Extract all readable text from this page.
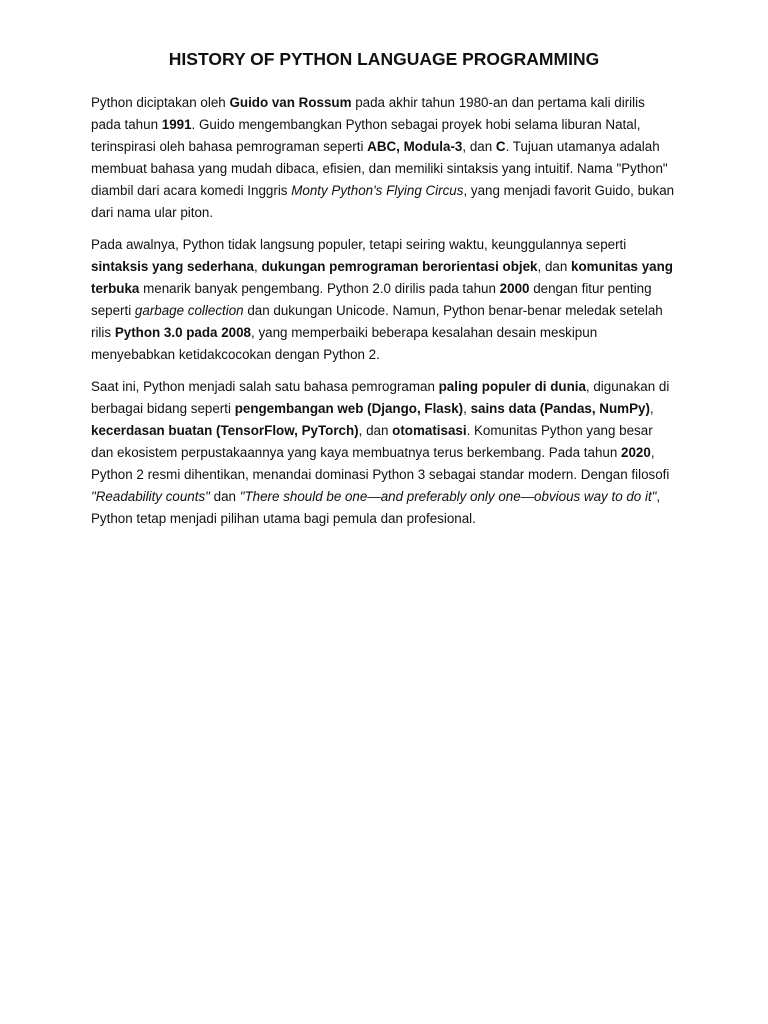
HISTORY OF PYTHON LANGUAGE PROGRAMMING

Python diciptakan oleh Guido van Rossum pada akhir tahun 1980-an dan pertama kali dirilis pada tahun 1991. Guido mengembangkan Python sebagai proyek hobi selama liburan Natal, terinspirasi oleh bahasa pemrograman seperti ABC, Modula-3, dan C. Tujuan utamanya adalah membuat bahasa yang mudah dibaca, efisien, dan memiliki sintaksis yang intuitif. Nama "Python" diambil dari acara komedi Inggris Monty Python's Flying Circus, yang menjadi favorit Guido, bukan dari nama ular piton.

Pada awalnya, Python tidak langsung populer, tetapi seiring waktu, keunggulannya seperti sintaksis yang sederhana, dukungan pemrograman berorientasi objek, dan komunitas yang terbuka menarik banyak pengembang. Python 2.0 dirilis pada tahun 2000 dengan fitur penting seperti garbage collection dan dukungan Unicode. Namun, Python benar-benar meledak setelah rilis Python 3.0 pada 2008, yang memperbaiki beberapa kesalahan desain meskipun menyebabkan ketidakcocokan dengan Python 2.

Saat ini, Python menjadi salah satu bahasa pemrograman paling populer di dunia, digunakan di berbagai bidang seperti pengembangan web (Django, Flask), sains data (Pandas, NumPy), kecerdasan buatan (TensorFlow, PyTorch), dan otomatisasi. Komunitas Python yang besar dan ekosistem perpustakaannya yang kaya membuatnya terus berkembang. Pada tahun 2020, Python 2 resmi dihentikan, menandai dominasi Python 3 sebagai standar modern. Dengan filosofi "Readability counts" dan "There should be one—and preferably only one—obvious way to do it", Python tetap menjadi pilihan utama bagi pemula dan profesional.
